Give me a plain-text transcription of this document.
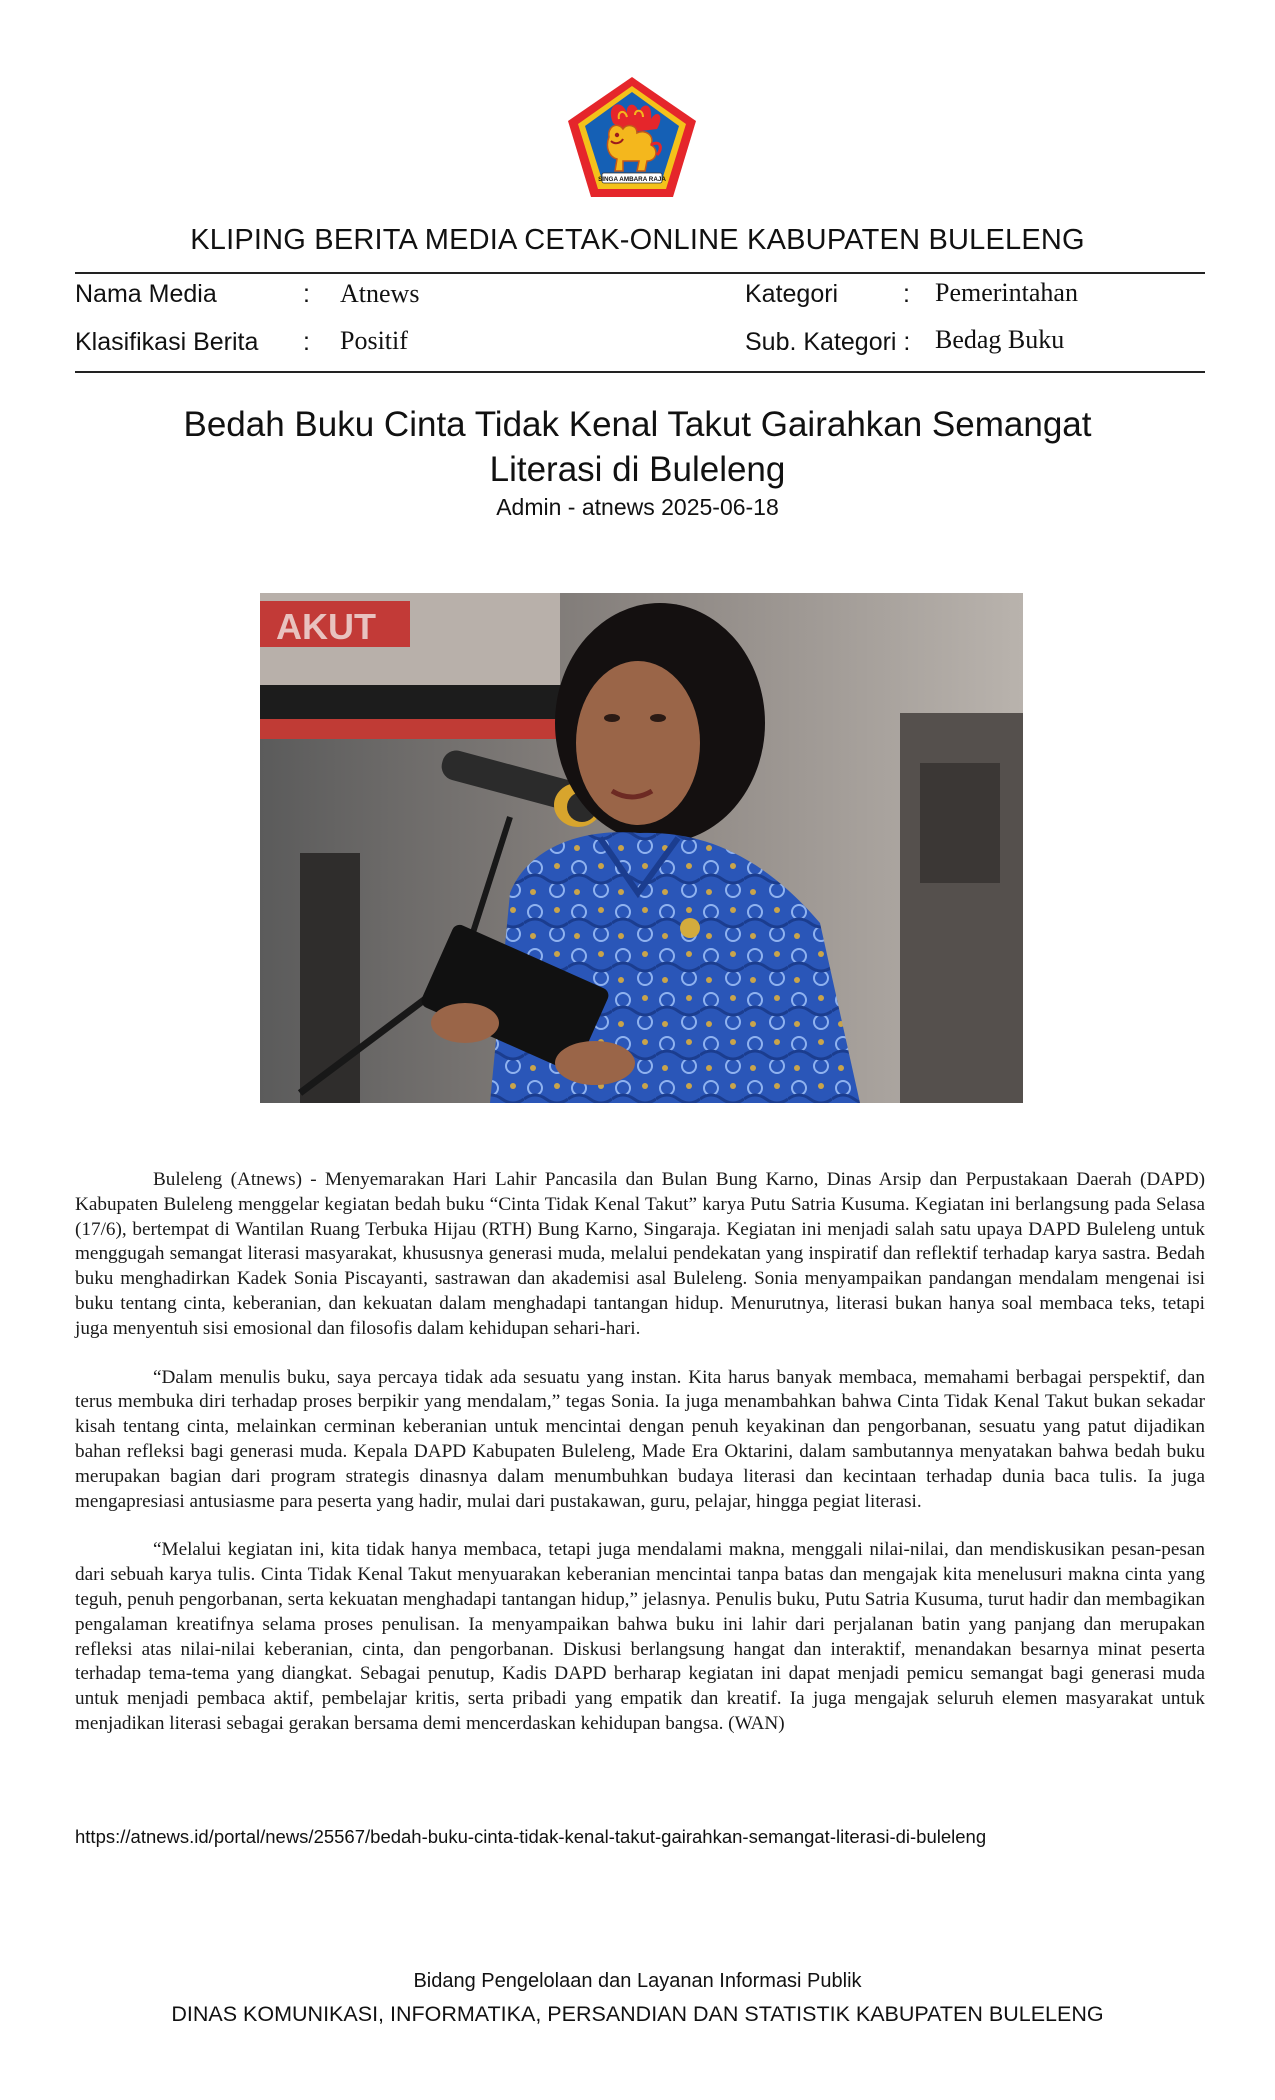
SINGA AMBARA RAJA
KLIPING BERITA MEDIA CETAK-ONLINE KABUPATEN BULELENG
Nama Media	: Atnews
Klasifikasi Berita : Positif
Kategori	: Pemerintahan
Sub. Kategori : Bedag Buku
Bedah Buku Cinta Tidak Kenal Takut Gairahkan Semangat
Literasi di Buleleng
Admin - atnews 2025-06-18
AKUT

Buleleng (Atnews) - Menyemarakan Hari Lahir Pancasila dan Bulan Bung Karno, Dinas Arsip dan Perpustakaan Daerah (DAPD) Kabupaten Buleleng menggelar kegiatan bedah buku “Cinta Tidak Kenal Takut” karya Putu Satria Kusuma. Kegiatan ini berlangsung pada Selasa (17/6), bertempat di Wantilan Ruang Terbuka Hijau (RTH) Bung Karno, Singaraja. Kegiatan ini menjadi salah satu upaya DAPD Buleleng untuk menggugah semangat literasi masyarakat, khususnya generasi muda, melalui pendekatan yang inspiratif dan reflektif terhadap karya sastra. Bedah buku menghadirkan Kadek Sonia Piscayanti, sastrawan dan akademisi asal Buleleng. Sonia menyampaikan pandangan mendalam mengenai isi buku tentang cinta, keberanian, dan kekuatan dalam menghadapi tantangan hidup. Menurutnya, literasi bukan hanya soal membaca teks, tetapi juga menyentuh sisi emosional dan filosofis dalam kehidupan sehari-hari.

“Dalam menulis buku, saya percaya tidak ada sesuatu yang instan. Kita harus banyak membaca, memahami berbagai perspektif, dan terus membuka diri terhadap proses berpikir yang mendalam,” tegas Sonia. Ia juga menambahkan bahwa Cinta Tidak Kenal Takut bukan sekadar kisah tentang cinta, melainkan cerminan keberanian untuk mencintai dengan penuh keyakinan dan pengorbanan, sesuatu yang patut dijadikan bahan refleksi bagi generasi muda. Kepala DAPD Kabupaten Buleleng, Made Era Oktarini, dalam sambutannya menyatakan bahwa bedah buku merupakan bagian dari program strategis dinasnya dalam menumbuhkan budaya literasi dan kecintaan terhadap dunia baca tulis. Ia juga mengapresiasi antusiasme para peserta yang hadir, mulai dari pustakawan, guru, pelajar, hingga pegiat literasi.

“Melalui kegiatan ini, kita tidak hanya membaca, tetapi juga mendalami makna, menggali nilai-nilai, dan mendiskusikan pesan-pesan dari sebuah karya tulis. Cinta Tidak Kenal Takut menyuarakan keberanian mencintai tanpa batas dan mengajak kita menelusuri makna cinta yang teguh, penuh pengorbanan, serta kekuatan menghadapi tantangan hidup,” jelasnya. Penulis buku, Putu Satria Kusuma, turut hadir dan membagikan pengalaman kreatifnya selama proses penulisan. Ia menyampaikan bahwa buku ini lahir dari perjalanan batin yang panjang dan merupakan refleksi atas nilai-nilai keberanian, cinta, dan pengorbanan. Diskusi berlangsung hangat dan interaktif, menandakan besarnya minat peserta terhadap tema-tema yang diangkat. Sebagai penutup, Kadis DAPD berharap kegiatan ini dapat menjadi pemicu semangat bagi generasi muda untuk menjadi pembaca aktif, pembelajar kritis, serta pribadi yang empatik dan kreatif. Ia juga mengajak seluruh elemen masyarakat untuk menjadikan literasi sebagai gerakan bersama demi mencerdaskan kehidupan bangsa. (WAN)

https://atnews.id/portal/news/25567/bedah-buku-cinta-tidak-kenal-takut-gairahkan-semangat-literasi-di-buleleng
Bidang Pengelolaan dan Layanan Informasi Publik
DINAS KOMUNIKASI, INFORMATIKA, PERSANDIAN DAN STATISTIK KABUPATEN BULELENG
